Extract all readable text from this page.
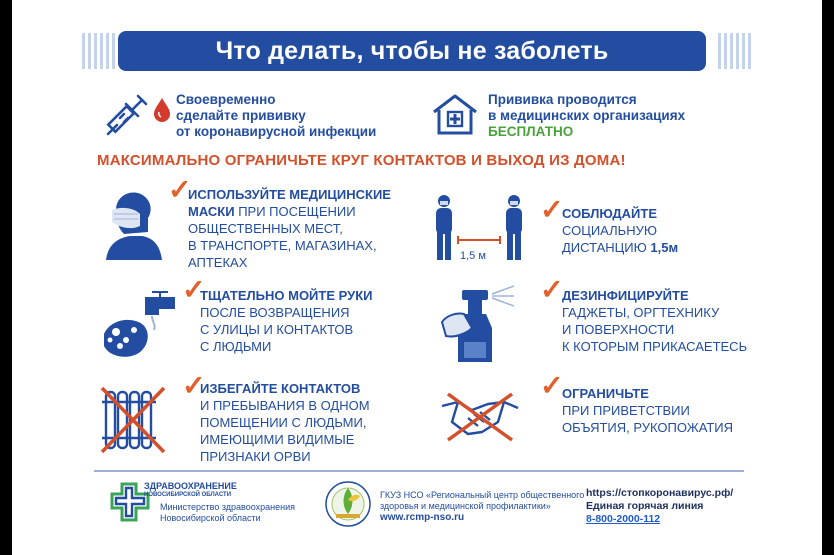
Что делать, чтобы не заболеть
Своевременно
сделайте прививку
от коронавирусной инфекции
Прививка проводится
в медицинских организациях
БЕСПЛАТНО
МАКСИМАЛЬНО ОГРАНИЧЬТЕ КРУГ КОНТАКТОВ И ВЫХОД ИЗ ДОМА!
✓
ИСПОЛЬЗУЙТЕ МЕДИЦИНСКИЕ
МАСКИ ПРИ ПОСЕЩЕНИИ
ОБЩЕСТВЕННЫХ МЕСТ,
В ТРАНСПОРТЕ, МАГАЗИНАХ,
АПТЕКАХ	1,5 м
✓
СОБЛЮДАЙТЕ
СОЦИАЛЬНУЮ
ДИСТАНЦИЮ 1,5м
✓
ТЩАТЕЛЬНО МОЙТЕ РУКИ
ПОСЛЕ ВОЗВРАЩЕНИЯ
С УЛИЦЫ И КОНТАКТОВ
С ЛЮДЬМИ
✓
ДЕЗИНФИЦИРУЙТЕ
ГАДЖЕТЫ, ОРГТЕХНИКУ
И ПОВЕРХНОСТИ
К КОТОРЫМ ПРИКАСАЕТЕСЬ
✓
ИЗБЕГАЙТЕ КОНТАКТОВ
И ПРЕБЫВАНИЯ В ОДНОМ
ПОМЕЩЕНИИ С ЛЮДЬМИ,
ИМЕЮЩИМИ ВИДИМЫЕ
ПРИЗНАКИ ОРВИ
✓
ОГРАНИЧЬТЕ
ПРИ ПРИВЕТСТВИИ
ОБЪЯТИЯ, РУКОПОЖАТИЯ
ЗДРАВООХРАНЕНИЕ
НОВОСИБИРСКОЙ ОБЛАСТИ
Министерство здравоохранения
Новосибирской области
ГКУЗ НСО «Региональный центр общественного
здоровья и медицинской профилактики»
www.rcmp-nso.ru
https://стопкоронавирус.рф/
Единая горячая линия
8-800-2000-112
